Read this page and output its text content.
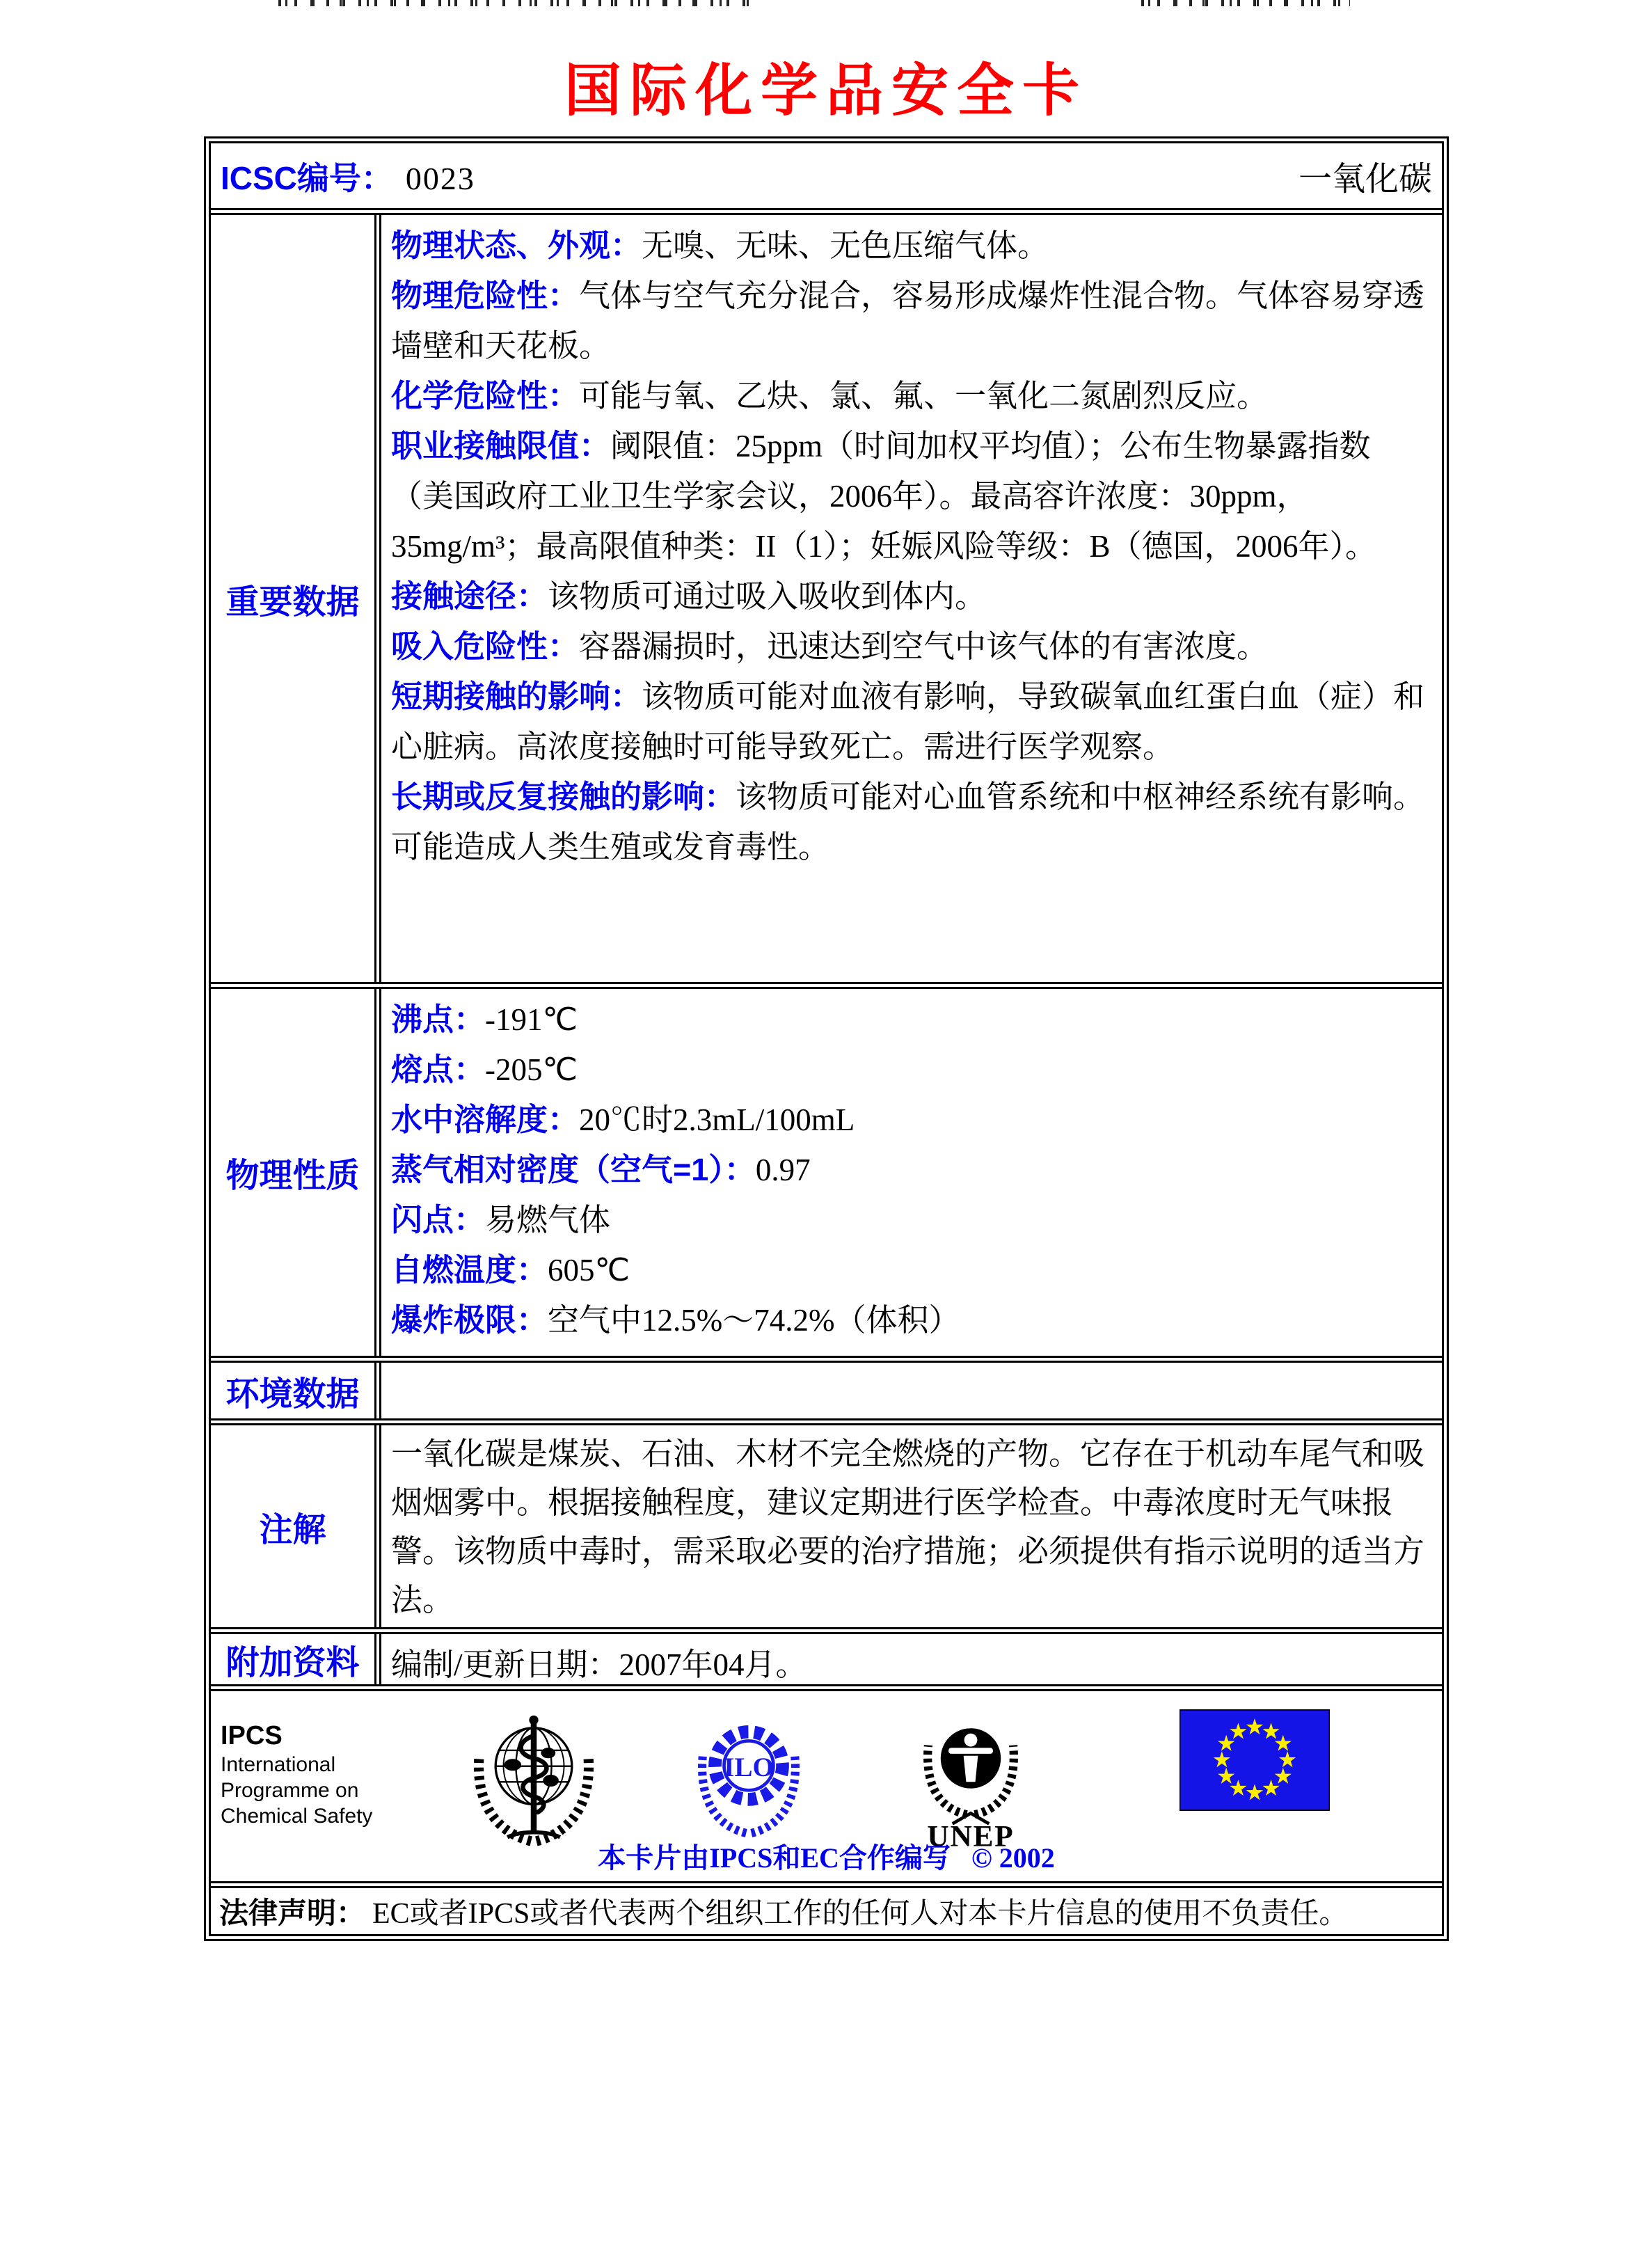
国际化学品安全卡
ICSC编号： 0023	一氧化碳
重要数据

物理状态、外观：无嗅、无味、无色压缩气体。

物理危险性：气体与空气充分混合，容易形成爆炸性混合物。气体容易穿透墙壁和天花板。

化学危险性：可能与氧、乙炔、氯、氟、一氧化二氮剧烈反应。

职业接触限值：阈限值：25ppm（时间加权平均值）；公布生物暴露指数（美国政府工业卫生学家会议，2006年）。最高容许浓度：30ppm，35mg/m³；最高限值种类：II（1）；妊娠风险等级：B（德国，2006年）。

接触途径：该物质可通过吸入吸收到体内。

吸入危险性：容器漏损时，迅速达到空气中该气体的有害浓度。

短期接触的影响：该物质可能对血液有影响，导致碳氧血红蛋白血（症）和心脏病。高浓度接触时可能导致死亡。需进行医学观察。

长期或反复接触的影响：该物质可能对心血管系统和中枢神经系统有影响。可能造成人类生殖或发育毒性。

物理性质

沸点：-191℃

熔点：-205℃

水中溶解度：20℃时2.3mL/100mL

蒸气相对密度（空气=1）：0.97

闪点：易燃气体

自燃温度：605℃

爆炸极限：空气中12.5%～74.2%（体积）

环境数据
注解

一氧化碳是煤炭、石油、木材不完全燃烧的产物。它存在于机动车尾气和吸烟烟雾中。根据接触程度，建议定期进行医学检查。中毒浓度时无气味报警。该物质中毒时，需采取必要的治疗措施；必须提供有指示说明的适当方法。

附加资料	编制/更新日期：2007年04月。
IPCS
International
Programme on
Chemical Safety
ILO
UNEP
本卡片由IPCS和EC合作编写 © 2002
法律声明： EC或者IPCS或者代表两个组织工作的任何人对本卡片信息的使用不负责任。
